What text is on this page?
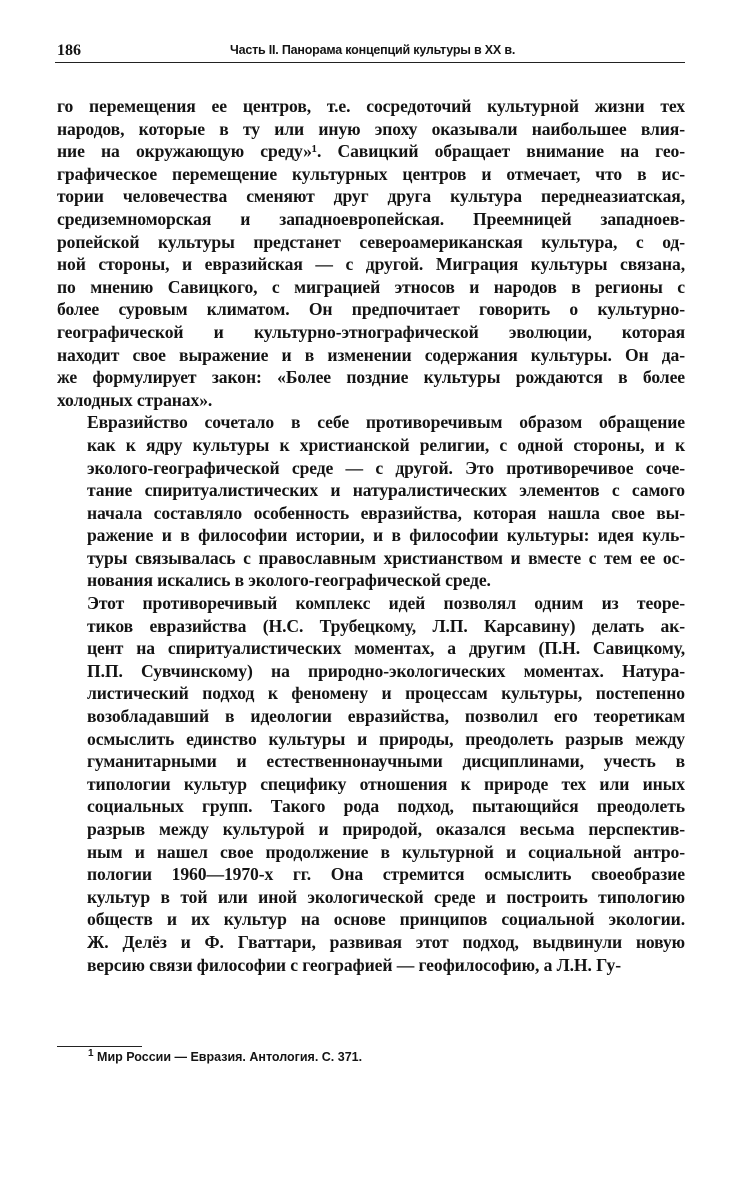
186	Часть II. Панорама концепций культуры в XX в.

го перемещения ее центров, т.е. сосредоточий культурной жизни тех
народов, которые в ту или иную эпоху оказывали наибольшее влия-
ние на окружающую среду»¹. Савицкий обращает внимание на гео-
графическое перемещение культурных центров и отмечает, что в ис-
тории человечества сменяют друг друга культура переднеазиатская,
средиземноморская и западноевропейская. Преемницей западноев-
ропейской культуры предстанет североамериканская культура, с од-
ной стороны, и евразийская — с другой. Миграция культуры связана,
по мнению Савицкого, с миграцией этносов и народов в регионы с
более суровым климатом. Он предпочитает говорить о культурно-
географической и культурно-этнографической эволюции, которая
находит свое выражение и в изменении содержания культуры. Он да-
же формулирует закон: «Более поздние культуры рождаются в более
холодных странах».

Евразийство сочетало в себе противоречивым образом обращение
как к ядру культуры к христианской религии, с одной стороны, и к
эколого-географической среде — с другой. Это противоречивое соче-
тание спиритуалистических и натуралистических элементов с самого
начала составляло особенность евразийства, которая нашла свое вы-
ражение и в философии истории, и в философии культуры: идея куль-
туры связывалась с православным христианством и вместе с тем ее ос-
нования искались в эколого-географической среде.

Этот противоречивый комплекс идей позволял одним из теоре-
тиков евразийства (Н.С. Трубецкому, Л.П. Карсавину) делать ак-
цент на спиритуалистических моментах, а другим (П.Н. Савицкому,
П.П. Сувчинскому) на природно-экологических моментах. Натура-
листический подход к феномену и процессам культуры, постепенно
возобладавший в идеологии евразийства, позволил его теоретикам
осмыслить единство культуры и природы, преодолеть разрыв между
гуманитарными и естественнонаучными дисциплинами, учесть в
типологии культур специфику отношения к природе тех или иных
социальных групп. Такого рода подход, пытающийся преодолеть
разрыв между культурой и природой, оказался весьма перспектив-
ным и нашел свое продолжение в культурной и социальной антро-
пологии 1960—1970-х гг. Она стремится осмыслить своеобразие
культур в той или иной экологической среде и построить типологию
обществ и их культур на основе принципов социальной экологии.
Ж. Делёз и Ф. Гваттари, развивая этот подход, выдвинули новую
версию связи философии с географией — геофилософию, а Л.Н. Гу-

$^1$ Мир России — Евразия. Антология. С. 371.
